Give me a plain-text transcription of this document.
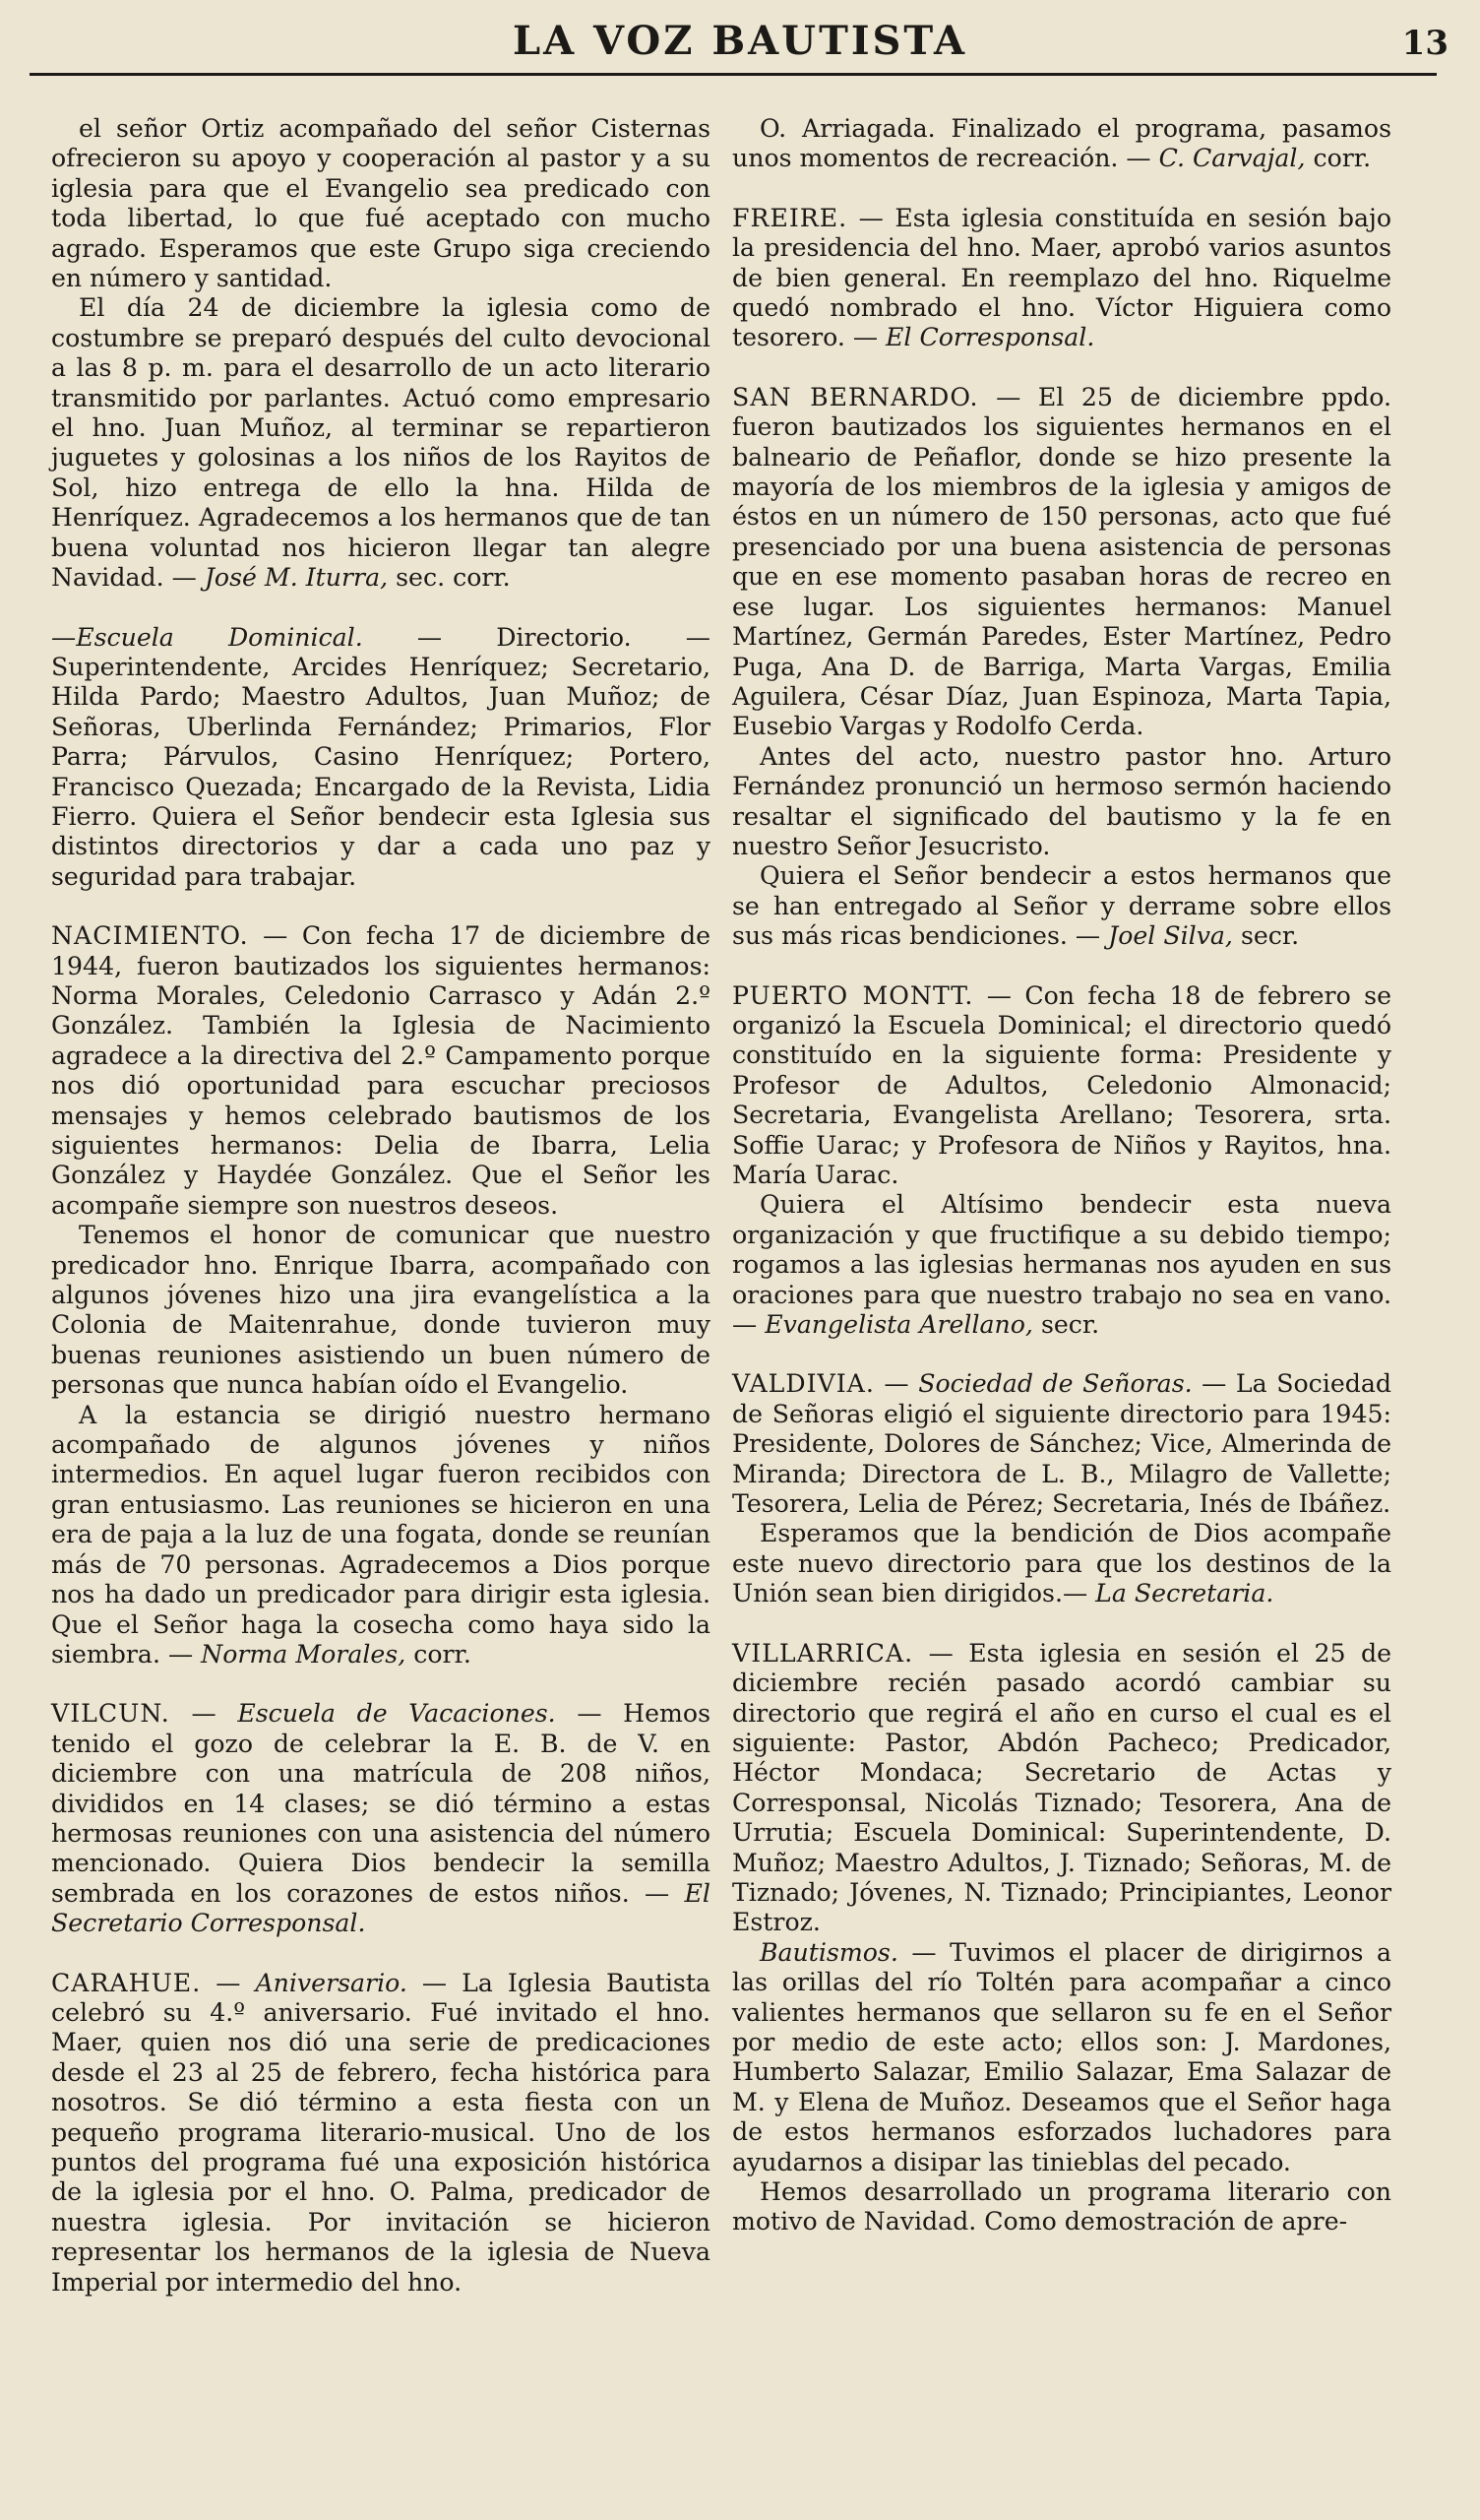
LA VOZ BAUTISTA	13

el señor Ortiz acompañado del señor Cisternas ofrecieron su apoyo y cooperación al pastor y a su iglesia para que el Evangelio sea predicado con toda libertad, lo que fué aceptado con mucho agrado. Esperamos que este Grupo siga creciendo en número y santidad.

El día 24 de diciembre la iglesia como de costumbre se preparó después del culto devocional a las 8 p. m. para el desarrollo de un acto literario transmitido por parlantes. Actuó como empresario el hno. Juan Muñoz, al terminar se repartieron juguetes y golosinas a los niños de los Rayitos de Sol, hizo entrega de ello la hna. Hilda de Henríquez. Agradecemos a los hermanos que de tan buena voluntad nos hicieron llegar tan alegre Navidad. — José M. Iturra, sec. corr.

—Escuela Dominical. — Directorio. — Superintendente, Arcides Henríquez; Secretario, Hilda Pardo; Maestro Adultos, Juan Muñoz; de Señoras, Uberlinda Fernández; Primarios, Flor Parra; Párvulos, Casino Henríquez; Portero, Francisco Quezada; Encargado de la Revista, Lidia Fierro. Quiera el Señor bendecir esta Iglesia sus distintos directorios y dar a cada uno paz y seguridad para trabajar.

NACIMIENTO. — Con fecha 17 de diciembre de 1944, fueron bautizados los siguientes hermanos: Norma Morales, Celedonio Carrasco y Adán 2.º González. También la Iglesia de Nacimiento agradece a la directiva del 2.º Campamento porque nos dió oportunidad para escuchar preciosos mensajes y hemos celebrado bautismos de los siguientes hermanos: Delia de Ibarra, Lelia González y Haydée González. Que el Señor les acompañe siempre son nuestros deseos.

Tenemos el honor de comunicar que nuestro predicador hno. Enrique Ibarra, acompañado con algunos jóvenes hizo una jira evangelística a la Colonia de Maitenrahue, donde tuvieron muy buenas reuniones asistiendo un buen número de personas que nunca habían oído el Evangelio.

A la estancia se dirigió nuestro hermano acompañado de algunos jóvenes y niños intermedios. En aquel lugar fueron recibidos con gran entusiasmo. Las reuniones se hicieron en una era de paja a la luz de una fogata, donde se reunían más de 70 personas. Agradecemos a Dios porque nos ha dado un predicador para dirigir esta iglesia. Que el Señor haga la cosecha como haya sido la siembra. — Norma Morales, corr.

VILCUN. — Escuela de Vacaciones. — Hemos tenido el gozo de celebrar la E. B. de V. en diciembre con una matrícula de 208 niños, divididos en 14 clases; se dió término a estas hermosas reuniones con una asistencia del número mencionado. Quiera Dios bendecir la semilla sembrada en los corazones de estos niños. — El Secretario Corresponsal.

CARAHUE. — Aniversario. — La Iglesia Bautista celebró su 4.º aniversario. Fué invitado el hno. Maer, quien nos dió una serie de predicaciones desde el 23 al 25 de febrero, fecha histórica para nosotros. Se dió término a esta fiesta con un pequeño programa literario-musical. Uno de los puntos del programa fué una exposición histórica de la iglesia por el hno. O. Palma, predicador de nuestra iglesia. Por invitación se hicieron representar los hermanos de la iglesia de Nueva Imperial por intermedio del hno.

O. Arriagada. Finalizado el programa, pasamos unos momentos de recreación. — C. Carvajal, corr.

FREIRE. — Esta iglesia constituída en sesión bajo la presidencia del hno. Maer, aprobó varios asuntos de bien general. En reemplazo del hno. Riquelme quedó nombrado el hno. Víctor Higuiera como tesorero. — El Corresponsal.

SAN BERNARDO. — El 25 de diciembre ppdo. fueron bautizados los siguientes hermanos en el balneario de Peñaflor, donde se hizo presente la mayoría de los miembros de la iglesia y amigos de éstos en un número de 150 personas, acto que fué presenciado por una buena asistencia de personas que en ese momento pasaban horas de recreo en ese lugar. Los siguientes hermanos: Manuel Martínez, Germán Paredes, Ester Martínez, Pedro Puga, Ana D. de Barriga, Marta Vargas, Emilia Aguilera, César Díaz, Juan Espinoza, Marta Tapia, Eusebio Vargas y Rodolfo Cerda.

Antes del acto, nuestro pastor hno. Arturo Fernández pronunció un hermoso sermón haciendo resaltar el significado del bautismo y la fe en nuestro Señor Jesucristo.

Quiera el Señor bendecir a estos hermanos que se han entregado al Señor y derrame sobre ellos sus más ricas bendiciones. — Joel Silva, secr.

PUERTO MONTT. — Con fecha 18 de febrero se organizó la Escuela Dominical; el directorio quedó constituído en la siguiente forma: Presidente y Profesor de Adultos, Celedonio Almonacid; Secretaria, Evangelista Arellano; Tesorera, srta. Soffie Uarac; y Profesora de Niños y Rayitos, hna. María Uarac.

Quiera el Altísimo bendecir esta nueva organización y que fructifique a su debido tiempo; rogamos a las iglesias hermanas nos ayuden en sus oraciones para que nuestro trabajo no sea en vano. — Evangelista Arellano, secr.

VALDIVIA. — Sociedad de Señoras. — La Sociedad de Señoras eligió el siguiente directorio para 1945: Presidente, Dolores de Sánchez; Vice, Almerinda de Miranda; Directora de L. B., Milagro de Vallette; Tesorera, Lelia de Pérez; Secretaria, Inés de Ibáñez.

Esperamos que la bendición de Dios acompañe este nuevo directorio para que los destinos de la Unión sean bien dirigidos.— La Secretaria.

VILLARRICA. — Esta iglesia en sesión el 25 de diciembre recién pasado acordó cambiar su directorio que regirá el año en curso el cual es el siguiente: Pastor, Abdón Pacheco; Predicador, Héctor Mondaca; Secretario de Actas y Corresponsal, Nicolás Tiznado; Tesorera, Ana de Urrutia; Escuela Dominical: Superintendente, D. Muñoz; Maestro Adultos, J. Tiznado; Señoras, M. de Tiznado; Jóvenes, N. Tiznado; Principiantes, Leonor Estroz.

Bautismos. — Tuvimos el placer de dirigirnos a las orillas del río Toltén para acompañar a cinco valientes hermanos que sellaron su fe en el Señor por medio de este acto; ellos son: J. Mardones, Humberto Salazar, Emilio Salazar, Ema Salazar de M. y Elena de Muñoz. Deseamos que el Señor haga de estos hermanos esforzados luchadores para ayudarnos a disipar las tinieblas del pecado.

Hemos desarrollado un programa literario con motivo de Navidad. Como demostración de apre-
